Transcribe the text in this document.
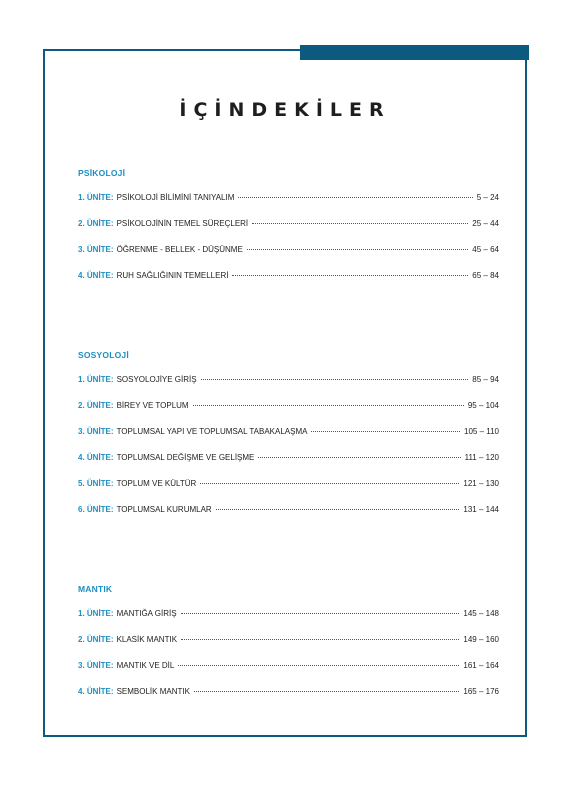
İÇİNDEKİLER
PSİKOLOJİ
1. ÜNİTE: PSİKOLOJİ BİLİMİNİ TANIYALIM	5 – 24
2. ÜNİTE: PSİKOLOJİNİN TEMEL SÜREÇLERİ	25 – 44
3. ÜNİTE: ÖĞRENME - BELLEK - DÜŞÜNME	45 – 64
4. ÜNİTE: RUH SAĞLIĞININ TEMELLERİ	65 – 84
SOSYOLOJİ
1. ÜNİTE: SOSYOLOJİYE GİRİŞ	85 – 94
2. ÜNİTE: BİREY VE TOPLUM	95 – 104
3. ÜNİTE: TOPLUMSAL YAPI VE TOPLUMSAL TABAKALAŞMA	105 – 110
4. ÜNİTE: TOPLUMSAL DEĞİŞME VE GELİŞME	111 – 120
5. ÜNİTE: TOPLUM VE KÜLTÜR	121 – 130
6. ÜNİTE: TOPLUMSAL KURUMLAR	131 – 144
MANTIK
1. ÜNİTE: MANTIĞA GİRİŞ	145 – 148
2. ÜNİTE: KLASİK MANTIK	149 – 160
3. ÜNİTE: MANTIK VE DİL	161 – 164
4. ÜNİTE: SEMBOLİK MANTIK	165 – 176
